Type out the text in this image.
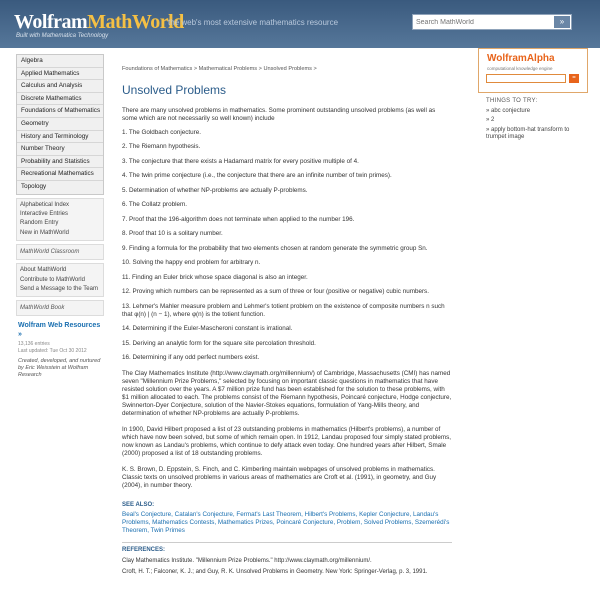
WolframMathWorld
the web's most extensive mathematics resource
Built with Mathematica Technology
Search MathWorld
»
Algebra
Applied Mathematics
Calculus and Analysis
Discrete Mathematics
Foundations of Mathematics
Geometry
History and Terminology
Number Theory
Probability and Statistics
Recreational Mathematics
Topology
Alphabetical Index
Interactive Entries
Random Entry
New in MathWorld
MathWorld Classroom
About MathWorld
Contribute to MathWorld
Send a Message to the Team
MathWorld Book
Wolfram Web Resources »
13,136 entries
Last updated: Tue Oct 30 2012
Created, developed, and nurtured by Eric Weisstein at Wolfram Research
Foundations of Mathematics > Mathematical Problems > Unsolved Problems >
Unsolved Problems
There are many unsolved problems in mathematics. Some prominent outstanding unsolved problems (as well as some which are not necessarily so well known) include
1. The Goldbach conjecture.
2. The Riemann hypothesis.
3. The conjecture that there exists a Hadamard matrix for every positive multiple of 4.
4. The twin prime conjecture (i.e., the conjecture that there are an infinite number of twin primes).
5. Determination of whether NP-problems are actually P-problems.
6. The Collatz problem.
7. Proof that the 196-algorithm does not terminate when applied to the number 196.
8. Proof that 10 is a solitary number.
9. Finding a formula for the probability that two elements chosen at random generate the symmetric group Sn.
10. Solving the happy end problem for arbitrary n.
11. Finding an Euler brick whose space diagonal is also an integer.
12. Proving which numbers can be represented as a sum of three or four (positive or negative) cubic numbers.
13. Lehmer's Mahler measure problem and Lehmer's totient problem on the existence of composite numbers n such that φ(n) | (n − 1), where φ(n) is the totient function.
14. Determining if the Euler-Mascheroni constant is irrational.
15. Deriving an analytic form for the square site percolation threshold.
16. Determining if any odd perfect numbers exist.
The Clay Mathematics Institute (http://www.claymath.org/millennium/) of Cambridge, Massachusetts (CMI) has named seven "Millennium Prize Problems," selected by focusing on important classic questions in mathematics that have resisted solution over the years. A $7 million prize fund has been established for the solution to these problems, with $1 million allocated to each. The problems consist of the Riemann hypothesis, Poincaré conjecture, Hodge conjecture, Swinnerton-Dyer Conjecture, solution of the Navier-Stokes equations, formulation of Yang-Mills theory, and determination of whether NP-problems are actually P-problems.
In 1900, David Hilbert proposed a list of 23 outstanding problems in mathematics (Hilbert's problems), a number of which have now been solved, but some of which remain open. In 1912, Landau proposed four simply stated problems, now known as Landau's problems, which continue to defy attack even today. One hundred years after Hilbert, Smale (2000) proposed a list of 18 outstanding problems.
K. S. Brown, D. Eppstein, S. Finch, and C. Kimberling maintain webpages of unsolved problems in mathematics. Classic texts on unsolved problems in various areas of mathematics are Croft et al. (1991), in geometry, and Guy (2004), in number theory.
SEE ALSO:
Beal's Conjecture, Catalan's Conjecture, Fermat's Last Theorem, Hilbert's Problems, Kepler Conjecture, Landau's Problems, Mathematics Contests, Mathematics Prizes, Poincaré Conjecture, Problem, Solved Problems, Szemerédi's Theorem, Twin Primes
REFERENCES:
Clay Mathematics Institute. "Millennium Prize Problems." http://www.claymath.org/millennium/.
Croft, H. T.; Falconer, K. J.; and Guy, R. K. Unsolved Problems in Geometry. New York: Springer-Verlag, p. 3, 1991.
WolframAlpha
computational knowledge engine
=
THINGS TO TRY:
» abc conjecture
» 2
» apply bottom-hat transform to trumpet image
